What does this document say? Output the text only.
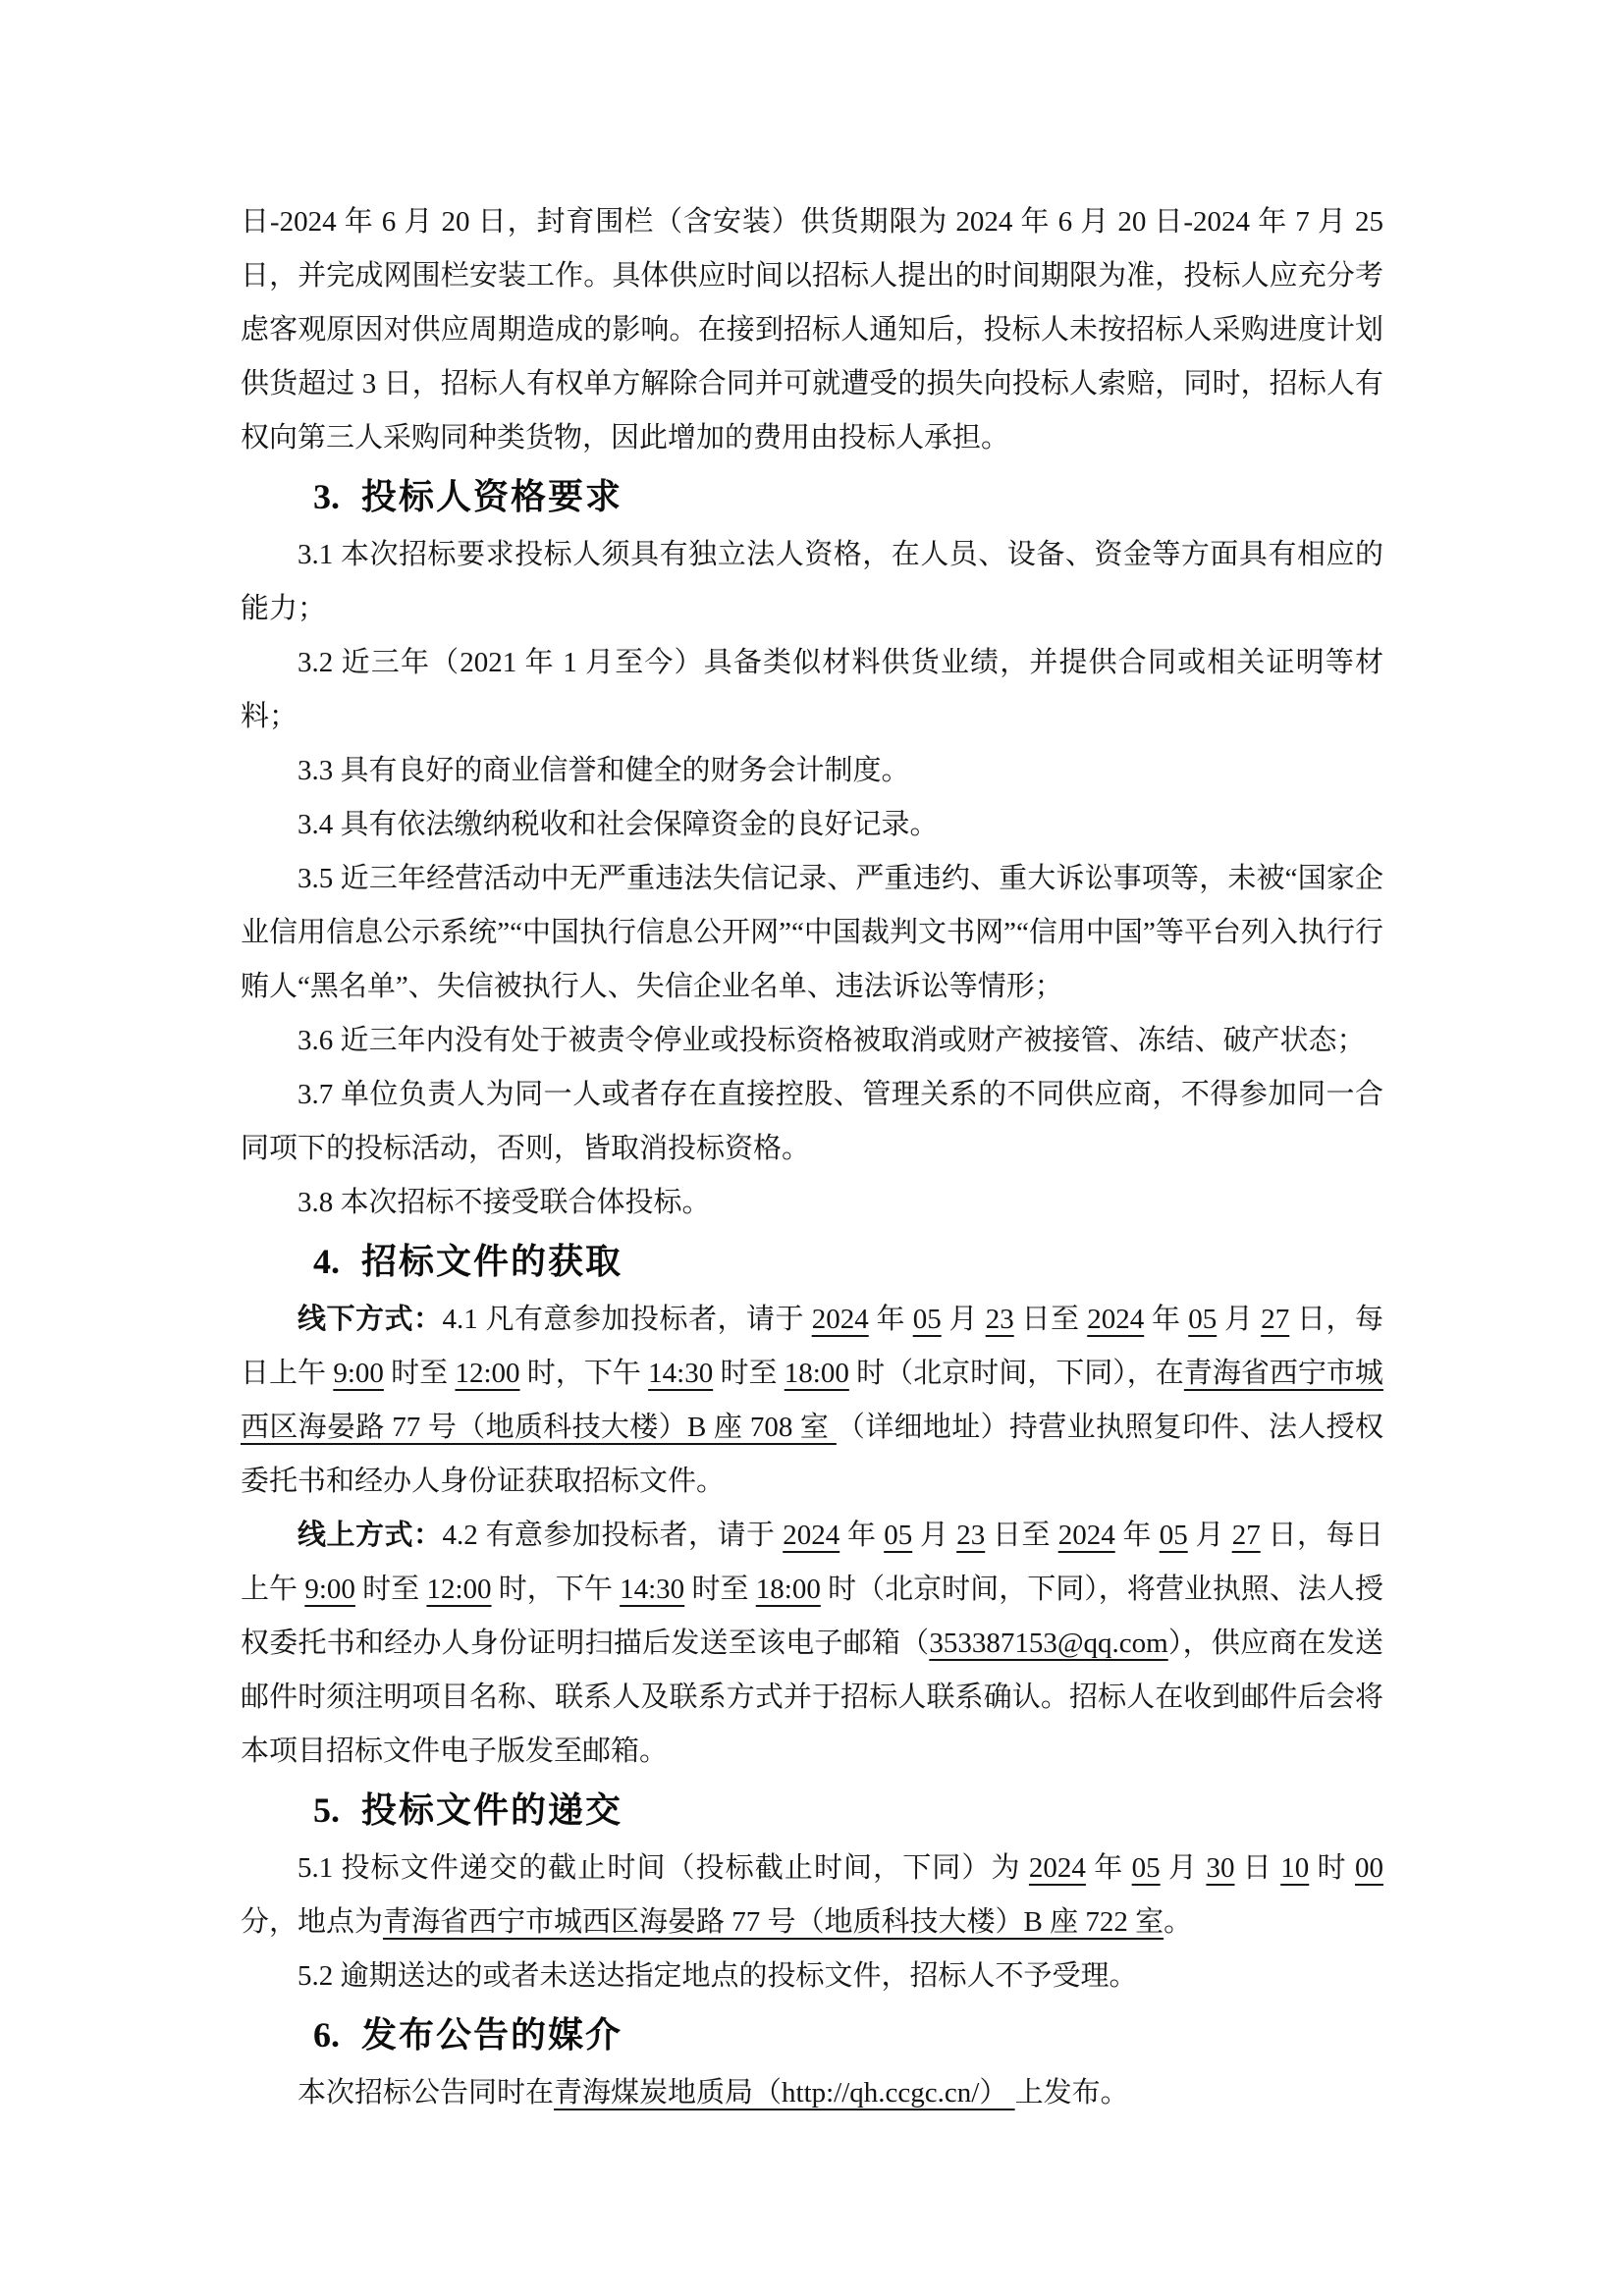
日-2024 年 6 月 20 日，封育围栏（含安装）供货期限为 2024 年 6 月 20 日-2024 年 7 月 25 日，并完成网围栏安装工作。具体供应时间以招标人提出的时间期限为准，投标人应充分考虑客观原因对供应周期造成的影响。在接到招标人通知后，投标人未按招标人采购进度计划供货超过 3 日，招标人有权单方解除合同并可就遭受的损失向投标人索赔，同时，招标人有权向第三人采购同种类货物，因此增加的费用由投标人承担。

3. 投标人资格要求

3.1 本次招标要求投标人须具有独立法人资格，在人员、设备、资金等方面具有相应的能力；

3.2 近三年（2021 年 1 月至今）具备类似材料供货业绩，并提供合同或相关证明等材料；

3.3 具有良好的商业信誉和健全的财务会计制度。

3.4 具有依法缴纳税收和社会保障资金的良好记录。

3.5 近三年经营活动中无严重违法失信记录、严重违约、重大诉讼事项等，未被“国家企业信用信息公示系统”“中国执行信息公开网”“中国裁判文书网”“信用中国”等平台列入执行行贿人“黑名单”、失信被执行人、失信企业名单、违法诉讼等情形；

3.6 近三年内没有处于被责令停业或投标资格被取消或财产被接管、冻结、破产状态；

3.7 单位负责人为同一人或者存在直接控股、管理关系的不同供应商，不得参加同一合同项下的投标活动，否则，皆取消投标资格。

3.8 本次招标不接受联合体投标。

4. 招标文件的获取

线下方式：4.1 凡有意参加投标者，请于 2024 年 05 月 23 日至 2024 年 05 月 27 日，每日上午 9:00 时至 12:00 时，下午 14:30 时至 18:00 时（北京时间，下同），在青海省西宁市城西区海晏路 77 号（地质科技大楼）B 座 708 室 （详细地址）持营业执照复印件、法人授权委托书和经办人身份证获取招标文件。

线上方式：4.2 有意参加投标者，请于 2024 年 05 月 23 日至 2024 年 05 月 27 日，每日上午 9:00 时至 12:00 时，下午 14:30 时至 18:00 时（北京时间，下同），将营业执照、法人授权委托书和经办人身份证明扫描后发送至该电子邮箱（353387153@qq.com），供应商在发送邮件时须注明项目名称、联系人及联系方式并于招标人联系确认。招标人在收到邮件后会将本项目招标文件电子版发至邮箱。

5. 投标文件的递交

5.1 投标文件递交的截止时间（投标截止时间，下同）为 2024 年 05 月 30 日 10 时 00 分，地点为青海省西宁市城西区海晏路 77 号（地质科技大楼）B 座 722 室。

5.2 逾期送达的或者未送达指定地点的投标文件，招标人不予受理。

6. 发布公告的媒介

本次招标公告同时在青海煤炭地质局（http://qh.ccgc.cn/） 上发布。
